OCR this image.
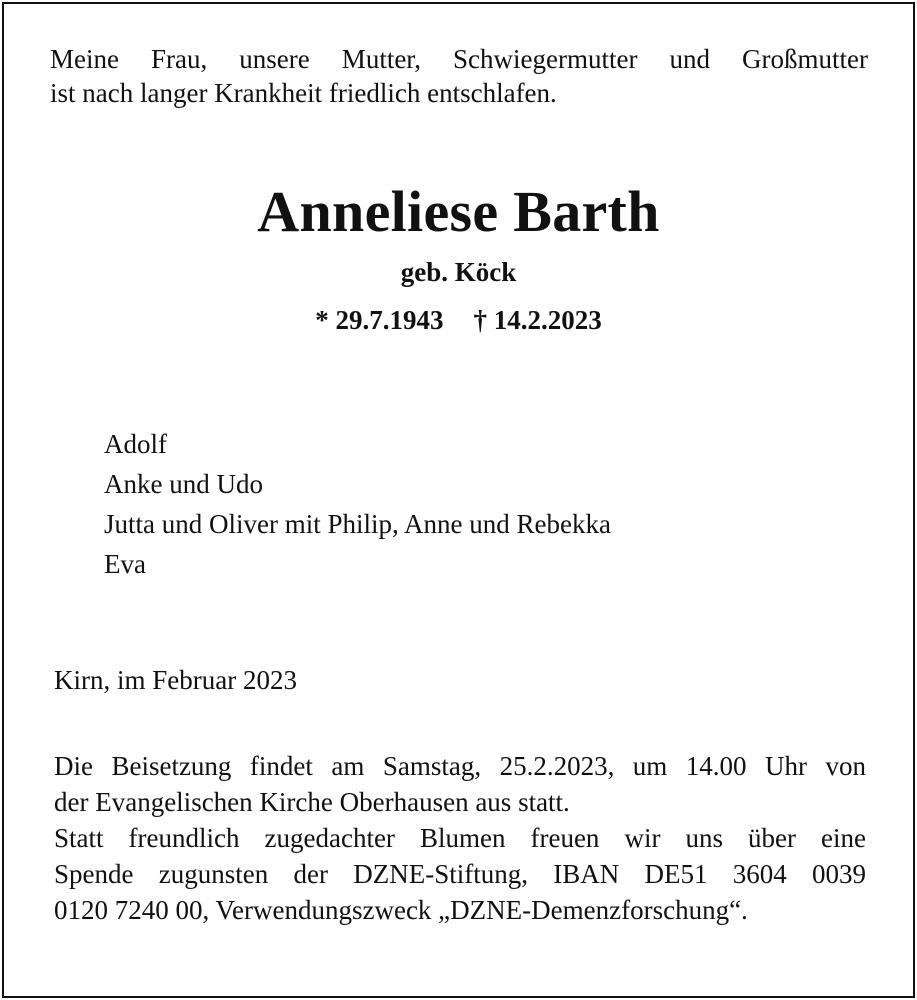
Meine Frau, unsere Mutter, Schwiegermutter und Großmutter
ist nach langer Krankheit friedlich entschlafen.
Anneliese Barth
geb. Köck
* 29.7.1943 † 14.2.2023
Adolf
Anke und Udo
Jutta und Oliver mit Philip, Anne und Rebekka
Eva
Kirn, im Februar 2023
Die Beisetzung findet am Samstag, 25.2.2023, um 14.00 Uhr von
der Evangelischen Kirche Oberhausen aus statt.
Statt freundlich zugedachter Blumen freuen wir uns über eine
Spende zugunsten der DZNE-Stiftung, IBAN DE51 3604 0039
0120 7240 00, Verwendungszweck „DZNE-Demenzforschung“.
